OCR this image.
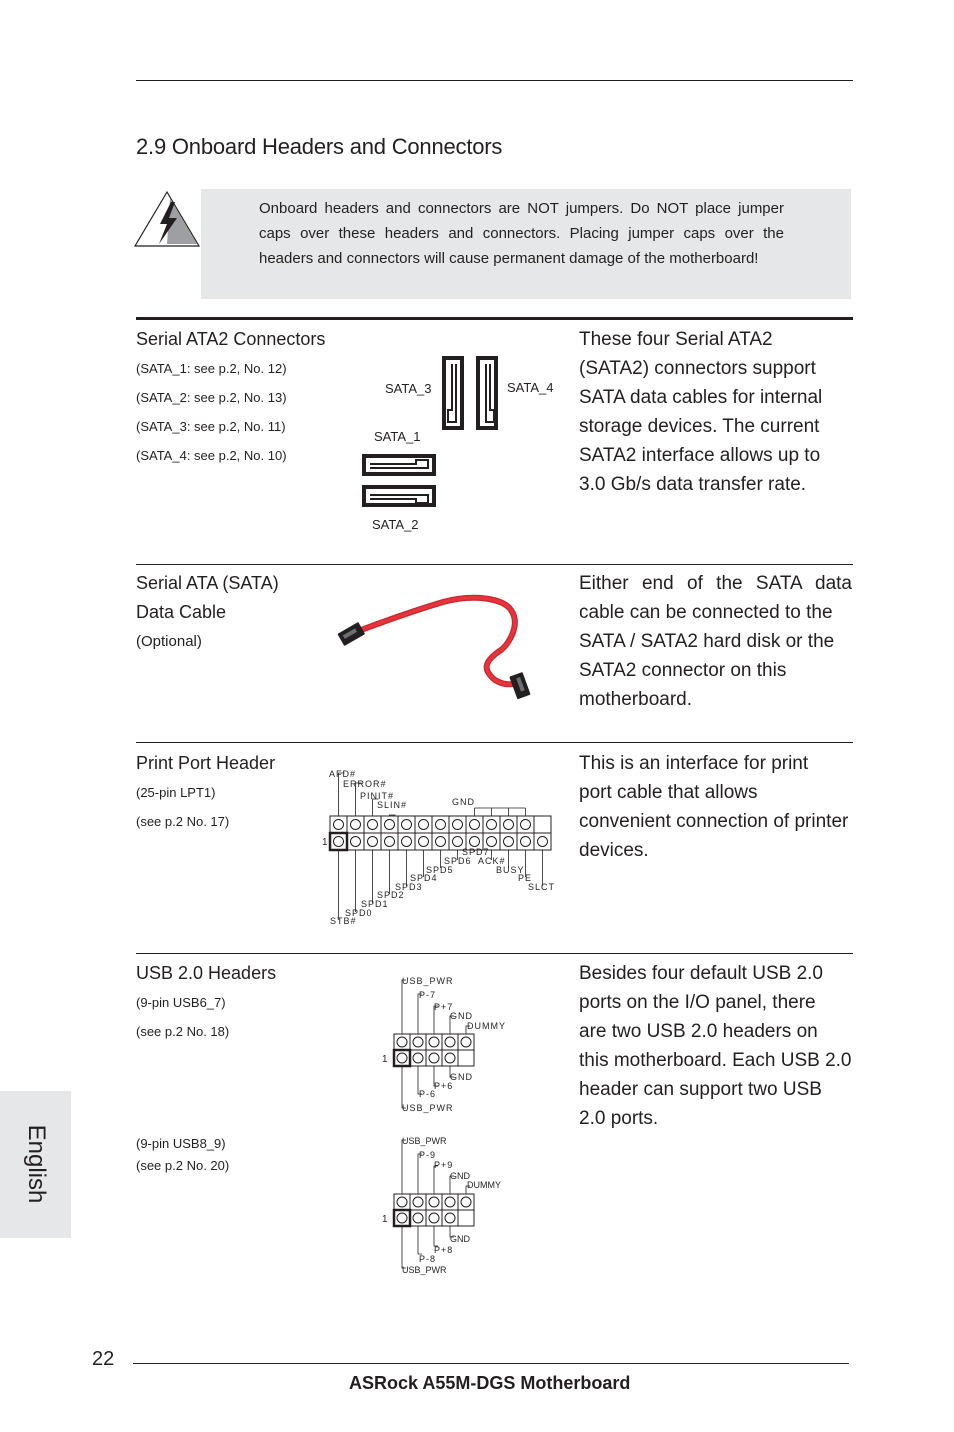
2.9 Onboard Headers and Connectors
Onboard headers and connectors are NOT jumpers. Do NOT place jumper caps over these headers and connectors. Placing jumper caps over the headers and connectors will cause permanent damage of the motherboard!
Serial ATA2 Connectors
(SATA_1: see p.2, No. 12)
(SATA_2: see p.2, No. 13)
(SATA_3: see p.2, No. 11)
(SATA_4: see p.2, No. 10)
SATA_3	SATA_4
SATA_1
SATA_2
These four Serial ATA2
(SATA2) connectors support
SATA data cables for internal
storage devices. The current
SATA2 interface allows up to
3.0 Gb/s data transfer rate.
Serial ATA (SATA)
Data Cable
(Optional)
Either end of the SATA data
cable can be connected to the
SATA / SATA2 hard disk or the
SATA2 connector on this
motherboard.
Print Port Header
(25-pin LPT1)
(see p.2 No. 17)
1
AFD#
ERROR#
PINIT#
SLIN#	GND
SPD7
SPD6 ACK#
SPD5	BUSY
SPD4	PE
SPD3	SLCT
SPD2
SPD1
SPD0
STB#
This is an interface for print
port cable that allows
convenient connection of printer
devices.
USB 2.0 Headers
(9-pin USB6_7)
(see p.2 No. 18)
(9-pin USB8_9)
(see p.2 No. 20)
USB_PWR
P-7
P+7
GND
DUMMY
1
GND
P+6
P-6
USB_PWR
USB_PWR
P-9
P+9
GND
DUMMY
1
GND
P+8
P-8
USB_PWR
Besides four default USB 2.0
ports on the I/O panel, there
are two USB 2.0 headers on
this motherboard. Each USB 2.0
header can support two USB
2.0 ports.
English
22
ASRock A55M-DGS Motherboard
